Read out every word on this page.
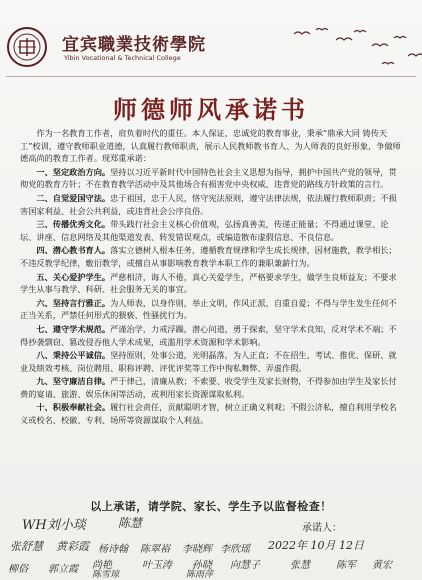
宜宾職業技術學院
Yibin Vocational & Technical College
师德师风承诺书

作为一名教育工作者，肩负着时代的重任。本人保证，忠诚党的教育事业，秉承“鼎承大同 铸传天工”校训，遵守教师职业道德，认真履行教师职责，展示人民教师教书育人、为人师表的良好形象，争做师德高尚的教育工作者。现郑重承诺：

一、坚定政治方向。坚持以习近平新时代中国特色社会主义思想为指导，拥护中国共产党的领导，贯彻党的教育方针；不在教育教学活动中及其他场合有损害党中央权威、违背党的路线方针政策的言行。

二、自觉爱国守法。忠于祖国，忠于人民，恪守宪法原则，遵守法律法规，依法履行教师职责；不损害国家利益、社会公共利益，或违背社会公序良俗。

三、传播优秀文化。带头践行社会主义核心价值观，弘扬真善美，传递正能量；不得通过课堂、论坛、讲座、信息网络及其他渠道发表、转发错误观点，或编造散布虚假信息、不良信息。

四、潜心教书育人。落实立德树人根本任务，遵循教育规律和学生成长规律，因材施教，教学相长；不违反教学纪律，敷衍教学，或擅自从事影响教育教学本职工作的兼职兼薪行为。

五、关心爱护学生。严慈相济，诲人不倦，真心关爱学生，严格要求学生，做学生良师益友；不要求学生从事与教学、科研、社会服务无关的事宜。

六、坚持言行雅正。为人师表，以身作则，举止文明，作风正派，自重自爱；不得与学生发生任何不正当关系，严禁任何形式的猥亵、性骚扰行为。

七、遵守学术规范。严谨治学，力戒浮躁，潜心问道，勇于探索，坚守学术良知，反对学术不端；不得抄袭剽窃、篡改侵吞他人学术成果，或滥用学术资源和学术影响。

八、秉持公平诚信。坚持原则，处事公道，光明磊落，为人正直；不在招生、考试、推优、保研、就业及绩效考核、岗位聘用、职称评聘、评优评奖等工作中徇私舞弊、弄虚作假。

九、坚守廉洁自律。严于律己，清廉从教；不索要、收受学生及家长财物，不得参加由学生及家长付费的宴请、旅游、娱乐休闲等活动，或利用家长资源谋取私利。

十、积极奉献社会。履行社会责任，贡献聪明才智，树立正确义利观；不假公济私，擅自利用学校名义或校名、校徽、专利、场所等资源谋取个人利益。

以上承诺，请学院、家长、学生予以监督检查！
承诺人：
WH刘小琰	陈慧
张舒慧 黄彩霞 杨诗翰 陈翠裕 李晓辉 李欣瑶 2022年 10月 12日
柳俗 郭立霞 尚艳	叶玉涛 孙晓 向慧子	张慧	陈军 黄宏
陈雪琼	陈雨萍
